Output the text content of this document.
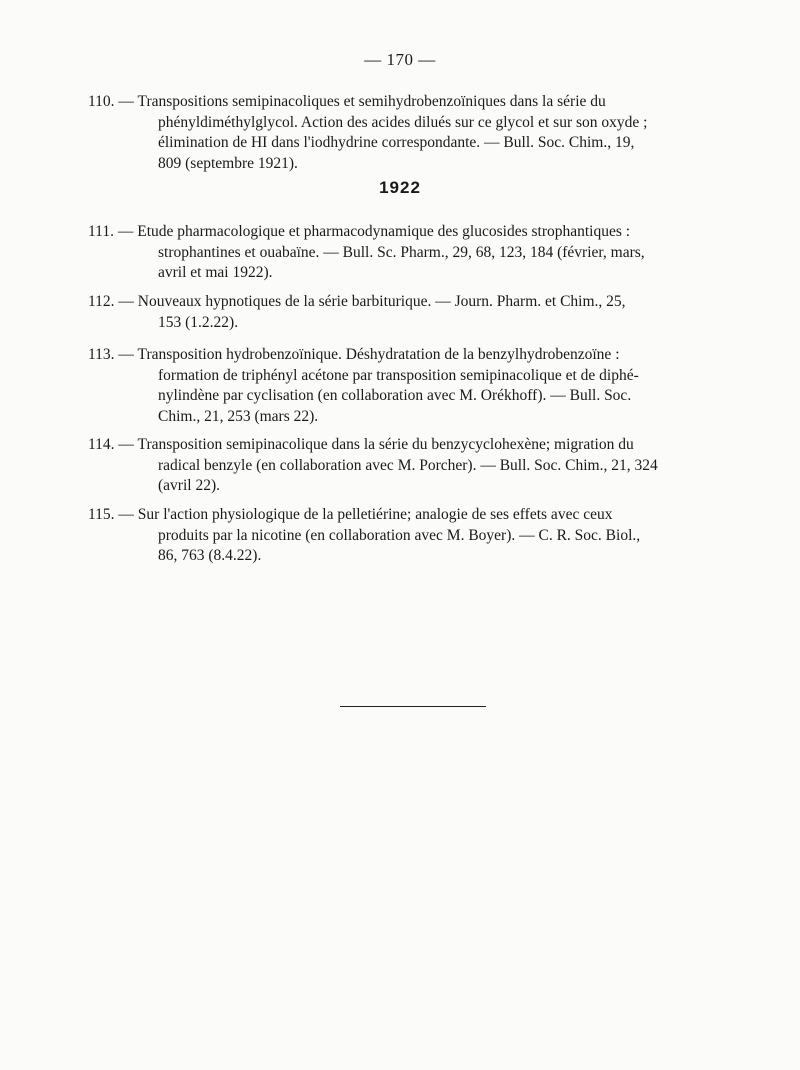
— 170 —
110. — Transpositions semipinacoliques et semihydrobenzoïniques dans la série du
phényldiméthylglycol. Action des acides dilués sur ce glycol et sur son oxyde ;
élimination de HI dans l'iodhydrine correspondante. — Bull. Soc. Chim., 19,
809 (septembre 1921).
1922
111. — Etude pharmacologique et pharmacodynamique des glucosides strophantiques :
strophantines et ouabaïne. — Bull. Sc. Pharm., 29, 68, 123, 184 (février, mars,
avril et mai 1922).
112. — Nouveaux hypnotiques de la série barbiturique. — Journ. Pharm. et Chim., 25,
153 (1.2.22).
113. — Transposition hydrobenzoïnique. Déshydratation de la benzylhydrobenzoïne :
formation de triphényl acétone par transposition semipinacolique et de diphé-
nylindène par cyclisation (en collaboration avec M. Orékhoff). — Bull. Soc.
Chim., 21, 253 (mars 22).
114. — Transposition semipinacolique dans la série du benzycyclohexène; migration du
radical benzyle (en collaboration avec M. Porcher). — Bull. Soc. Chim., 21, 324
(avril 22).
115. — Sur l'action physiologique de la pelletiérine; analogie de ses effets avec ceux
produits par la nicotine (en collaboration avec M. Boyer). — C. R. Soc. Biol.,
86, 763 (8.4.22).
